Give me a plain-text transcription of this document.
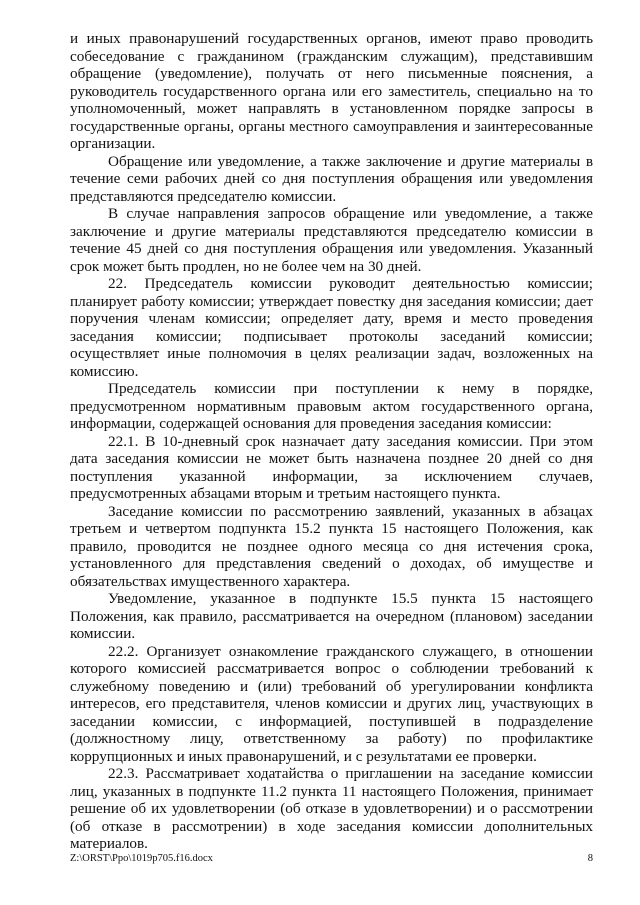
и иных правонарушений государственных органов, имеют право проводить собеседование с гражданином (гражданским служащим), представившим обращение (уведомление), получать от него письменные пояснения, а руководитель государственного органа или его заместитель, специально на то уполномоченный, может направлять в установленном порядке запросы в государственные органы, органы местного самоуправления и заинтересованные организации.

Обращение или уведомление, а также заключение и другие материалы в течение семи рабочих дней со дня поступления обращения или уведомления представляются председателю комиссии.

В случае направления запросов обращение или уведомление, а также заключение и другие материалы представляются председателю комиссии в течение 45 дней со дня поступления обращения или уведомления. Указанный срок может быть продлен, но не более чем на 30 дней.

22. Председатель комиссии руководит деятельностью комиссии; планирует работу комиссии; утверждает повестку дня заседания комиссии; дает поручения членам комиссии; определяет дату, время и место проведения заседания комиссии; подписывает протоколы заседаний комиссии; осуществляет иные полномочия в целях реализации задач, возложенных на комиссию.

Председатель комиссии при поступлении к нему в порядке, предусмотренном нормативным правовым актом государственного органа, информации, содержащей основания для проведения заседания комиссии:

22.1. В 10-дневный срок назначает дату заседания комиссии. При этом дата заседания комиссии не может быть назначена позднее 20 дней со дня поступления указанной информации, за исключением случаев, предусмотренных абзацами вторым и третьим настоящего пункта.

Заседание комиссии по рассмотрению заявлений, указанных в абзацах третьем и четвертом подпункта 15.2 пункта 15 настоящего Положения, как правило, проводится не позднее одного месяца со дня истечения срока, установленного для представления сведений о доходах, об имуществе и обязательствах имущественного характера.

Уведомление, указанное в подпункте 15.5 пункта 15 настоящего Положения, как правило, рассматривается на очередном (плановом) заседании комиссии.

22.2. Организует ознакомление гражданского служащего, в отношении которого комиссией рассматривается вопрос о соблюдении требований к служебному поведению и (или) требований об урегулировании конфликта интересов, его представителя, членов комиссии и других лиц, участвующих в заседании комиссии, с информацией, поступившей в подразделение (должностному лицу, ответственному за работу) по профилактике коррупционных и иных правонарушений, и с результатами ее проверки.

22.3. Рассматривает ходатайства о приглашении на заседание комиссии лиц, указанных в подпункте 11.2 пункта 11 настоящего Положения, принимает решение об их удовлетворении (об отказе в удовлетворении) и о рассмотрении (об отказе в рассмотрении) в ходе заседания комиссии дополнительных материалов.

Z:\ORST\Ppo\1019p705.f16.docx	8
